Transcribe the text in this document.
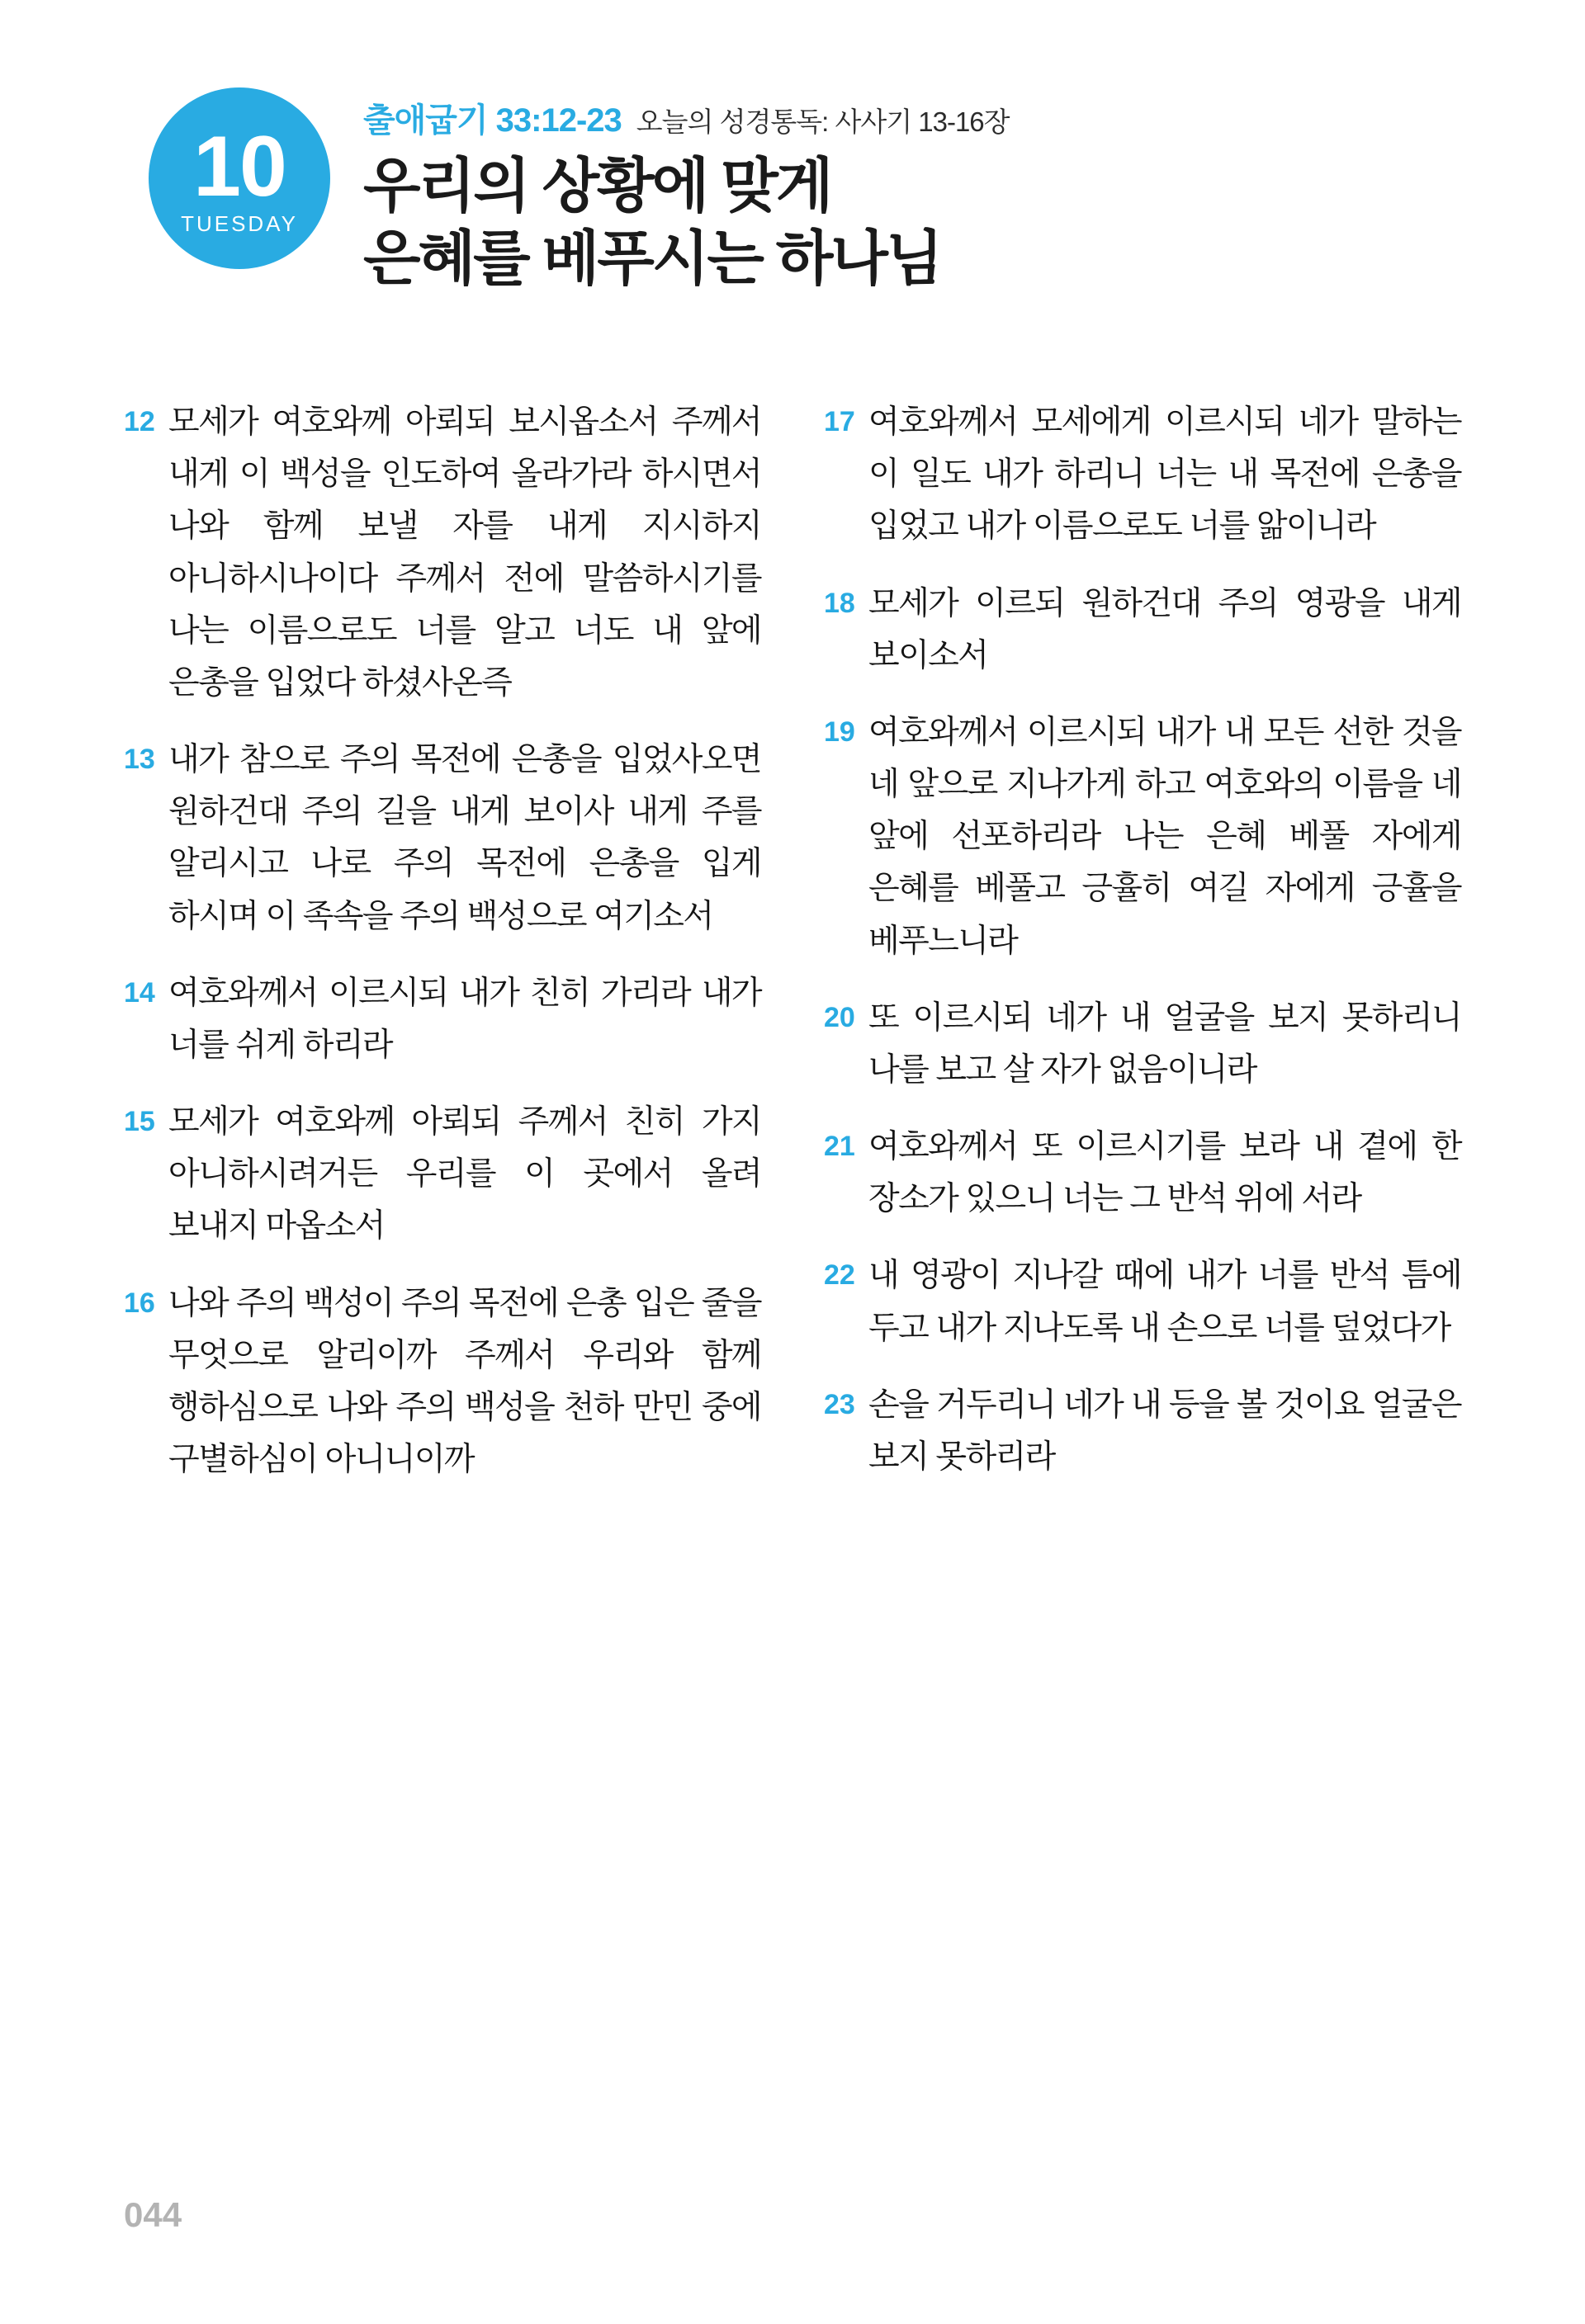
10
TUESDAY
출애굽기 33:12-23 오늘의 성경통독: 사사기 13-16장
우리의 상황에 맞게
은혜를 베푸시는 하나님
12 모세가 여호와께 아뢰되 보시옵소서 주께서 내게 이 백성을 인도하여 올라가라 하시면서 나와 함께 보낼 자를 내게 지시하지 아니하시나이다 주께서 전에 말씀하시기를 나는 이름으로도 너를 알고 너도 내 앞에 은총을 입었다 하셨사온즉
13 내가 참으로 주의 목전에 은총을 입었사오면 원하건대 주의 길을 내게 보이사 내게 주를 알리시고 나로 주의 목전에 은총을 입게 하시며 이 족속을 주의 백성으로 여기소서
14 여호와께서 이르시되 내가 친히 가리라 내가 너를 쉬게 하리라
15 모세가 여호와께 아뢰되 주께서 친히 가지 아니하시려거든 우리를 이 곳에서 올려 보내지 마옵소서
16 나와 주의 백성이 주의 목전에 은총 입은 줄을 무엇으로 알리이까 주께서 우리와 함께 행하심으로 나와 주의 백성을 천하 만민 중에 구별하심이 아니니이까
17 여호와께서 모세에게 이르시되 네가 말하는 이 일도 내가 하리니 너는 내 목전에 은총을 입었고 내가 이름으로도 너를 앎이니라
18 모세가 이르되 원하건대 주의 영광을 내게 보이소서
19 여호와께서 이르시되 내가 내 모든 선한 것을 네 앞으로 지나가게 하고 여호와의 이름을 네 앞에 선포하리라 나는 은혜 베풀 자에게 은혜를 베풀고 긍휼히 여길 자에게 긍휼을 베푸느니라
20 또 이르시되 네가 내 얼굴을 보지 못하리니 나를 보고 살 자가 없음이니라
21 여호와께서 또 이르시기를 보라 내 곁에 한 장소가 있으니 너는 그 반석 위에 서라
22 내 영광이 지나갈 때에 내가 너를 반석 틈에 두고 내가 지나도록 내 손으로 너를 덮었다가
23 손을 거두리니 네가 내 등을 볼 것이요 얼굴은 보지 못하리라
044
